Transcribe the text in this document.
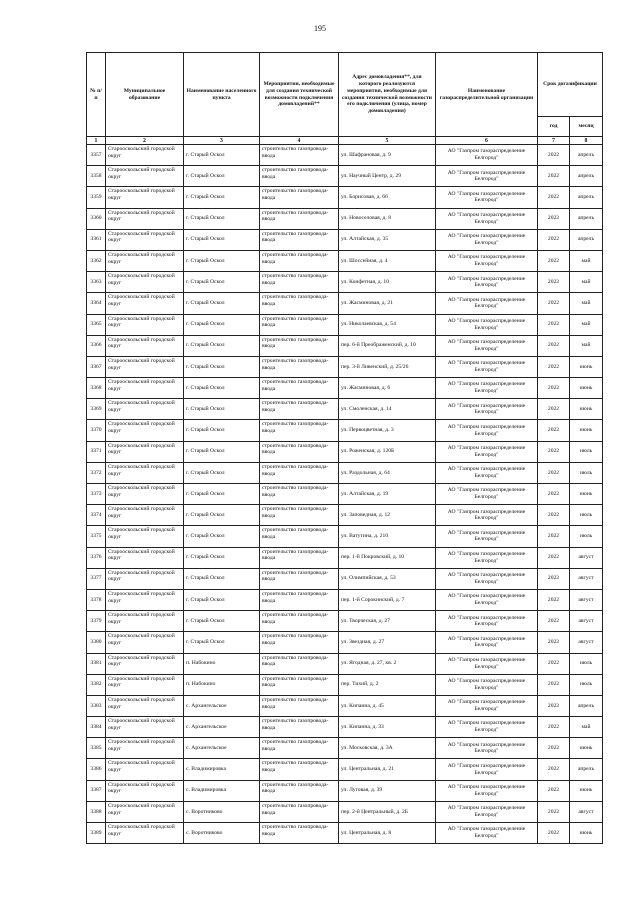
195
№ п/п	Муниципальное образование	Наименование населенного пункта	Мероприятия, необходимые для создания технической возможности подключения домовладений**	Адрес домовладения**, для которого реализуются мероприятия, необходимые для создания технической возможности его подключения (улица, номер домовладения)	Наименование газораспределительной организации	Срок догазификации	
						год	месяц
1	2	3	4	5	6	7	8
3357	Старооскольский городской округ	г. Старый Оскол	строительство газопровода-ввода	ул. Шафрановая, д. 9	АО "Газпром газораспределение Белгород"	2022	апрель
3358	Старооскольский городской округ	г. Старый Оскол	строительство газопровода-ввода	ул. Научный Центр, д. 29	АО "Газпром газораспределение Белгород"	2022	апрель
3359	Старооскольский городской округ	г. Старый Оскол	строительство газопровода-ввода	ул. Борисовая, д. 66	АО "Газпром газораспределение Белгород"	2022	апрель
3360	Старооскольский городской округ	г. Старый Оскол	строительство газопровода-ввода	ул. Новоселовая, д. 8	АО "Газпром газораспределение Белгород"	2022	апрель
3361	Старооскольский городской округ	г. Старый Оскол	строительство газопровода-ввода	ул. Алтайская, д. 35	АО "Газпром газораспределение Белгород"	2022	апрель
3362	Старооскольский городской округ	г. Старый Оскол	строительство газопровода-ввода	ул. Шоссейная, д. 4	АО "Газпром газораспределение Белгород"	2022	май
3363	Старооскольский городской округ	г. Старый Оскол	строительство газопровода-ввода	ул. Конфетная, д. 10	АО "Газпром газораспределение Белгород"	2022	май
3364	Старооскольский городской округ	г. Старый Оскол	строительство газопровода-ввода	ул. Жасминовая, д. 21	АО "Газпром газораспределение Белгород"	2022	май
3365	Старооскольский городской округ	г. Старый Оскол	строительство газопровода-ввода	ул. Николаевская, д. 54	АО "Газпром газораспределение Белгород"	2022	май
3366	Старооскольский городской округ	г. Старый Оскол	строительство газопровода-ввода	пер. 6-й Преображенский, д. 10	АО "Газпром газораспределение Белгород"	2022	май
3367	Старооскольский городской округ	г. Старый Оскол	строительство газопровода-ввода	пер. 3-й Ливенский, д. 25/26	АО "Газпром газораспределение Белгород"	2022	июнь
3368	Старооскольский городской округ	г. Старый Оскол	строительство газопровода-ввода	ул. Жасминовая, д. 6	АО "Газпром газораспределение Белгород"	2022	июнь
3369	Старооскольский городской округ	г. Старый Оскол	строительство газопровода-ввода	ул. Смоленская, д. 14	АО "Газпром газораспределение Белгород"	2022	июнь
3370	Старооскольский городской округ	г. Старый Оскол	строительство газопровода-ввода	ул. Первоцветная, д. 3	АО "Газпром газораспределение Белгород"	2022	июнь
3371	Старооскольский городской округ	г. Старый Оскол	строительство газопровода-ввода	ул. Роженская, д. 120Б	АО "Газпром газораспределение Белгород"	2022	июль
3372	Старооскольский городской округ	г. Старый Оскол	строительство газопровода-ввода	ул. Раздольная, д. 64	АО "Газпром газораспределение Белгород"	2022	июль
3373	Старооскольский городской округ	г. Старый Оскол	строительство газопровода-ввода	ул. Алтайская, д. 19	АО "Газпром газораспределение Белгород"	2022	июнь
3374	Старооскольский городской округ	г. Старый Оскол	строительство газопровода-ввода	ул. Заповедная, д. 12	АО "Газпром газораспределение Белгород"	2022	июль
3375	Старооскольский городской округ	г. Старый Оскол	строительство газопровода-ввода	ул. Ватутина, д. 210	АО "Газпром газораспределение Белгород"	2022	июль
3376	Старооскольский городской округ	г. Старый Оскол	строительство газопровода-ввода	пер. 1-й Покровский, д. 10	АО "Газпром газораспределение Белгород"	2022	август
3377	Старооскольский городской округ	г. Старый Оскол	строительство газопровода-ввода	ул. Олимпийская, д. 53	АО "Газпром газораспределение Белгород"	2022	август
3378	Старооскольский городской округ	г. Старый Оскол	строительство газопровода-ввода	пер. 1-й Сорокинский, д. 7	АО "Газпром газораспределение Белгород"	2022	август
3379	Старооскольский городской округ	г. Старый Оскол	строительство газопровода-ввода	ул. Творческая, д. 27	АО "Газпром газораспределение Белгород"	2022	август
3380	Старооскольский городской округ	г. Старый Оскол	строительство газопровода-ввода	ул. Звездная, д. 27	АО "Газпром газораспределение Белгород"	2022	август
3381	Старооскольский городской округ	п. Набокино	строительство газопровода-ввода	ул. Ягодная, д. 27, кв. 2	АО "Газпром газораспределение Белгород"	2022	июль
3382	Старооскольский городской округ	п. Набокино	строительство газопровода-ввода	пер. Тихий, д. 2	АО "Газпром газораспределение Белгород"	2022	июль
3383	Старооскольский городской округ	с. Архангельское	строительство газопровода-ввода	ул. Кипанна, д. 45	АО "Газпром газораспределение Белгород"	2022	апрель
3384	Старооскольский городской округ	с. Архангельское	строительство газопровода-ввода	ул. Кипанна, д. 33	АО "Газпром газораспределение Белгород"	2022	май
3385	Старооскольский городской округ	с. Архангельское	строительство газопровода-ввода	ул. Московская, д. 3А	АО "Газпром газораспределение Белгород"	2022	июнь
3386	Старооскольский городской округ	с. Владимировка	строительство газопровода-ввода	ул. Центральная, д. 21	АО "Газпром газораспределение Белгород"	2022	апрель
3387	Старооскольский городской округ	с. Владимировка	строительство газопровода-ввода	ул. Луговая, д. 39	АО "Газпром газораспределение Белгород"	2022	июнь
3388	Старооскольский городской округ	с. Воротниково	строительство газопровода-ввода	пер. 2-й Центральный, д. 2Б	АО "Газпром газораспределение Белгород"	2022	август
3389	Старооскольский городской округ	с. Воротниково	строительство газопровода-ввода	ул. Центральная, д. 8	АО "Газпром газораспределение Белгород"	2022	июнь
